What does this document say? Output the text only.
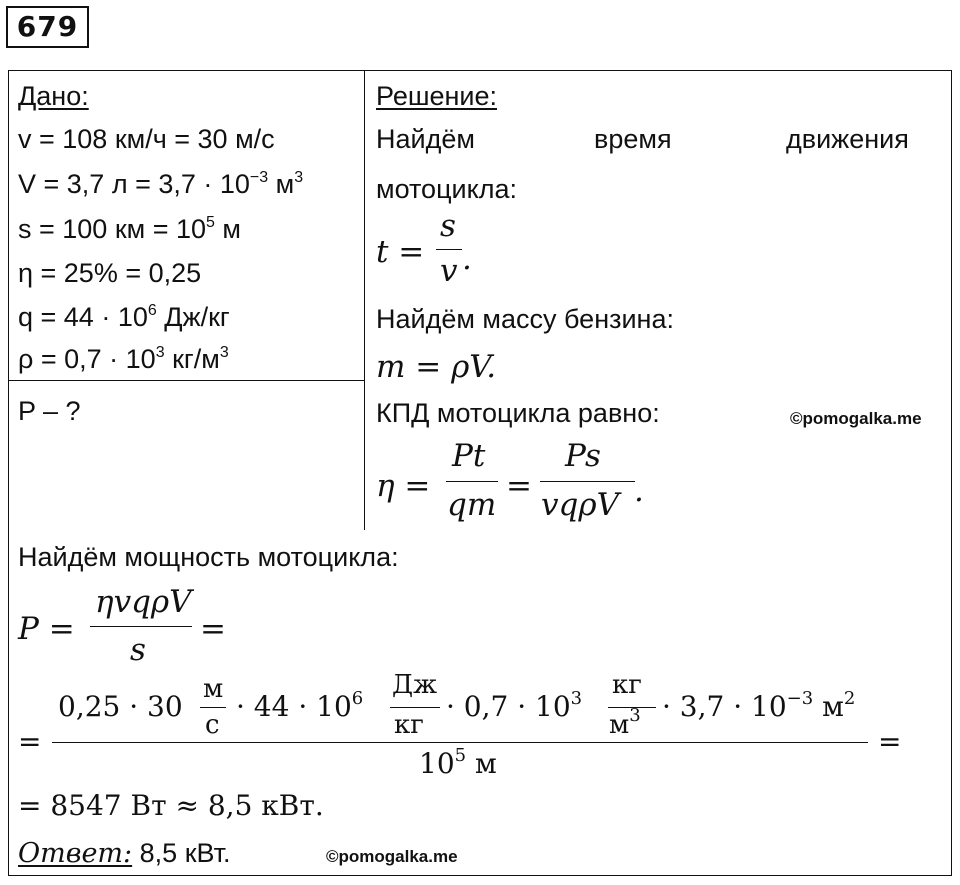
679
Дано:
v = 108 км/ч = 30 м/с
V = 3,7 $л = 3,7 \cdot 10^{-3}$ $м^3$
s = 100 км = $10^5$ м
η = 25% = 0,25
$q = 44 \cdot 10^6$ Дж/кг
$\rho = 0,7 \cdot 10^3$ $кг/м^3$
P – ?
Решение:
Найдём	время	движения
мотоцикла:
t =
s
v .
Найдём массу бензина:
m = ρV.
КПД мотоцикла равно:
η =
Pt
qm
=
Ps
vqρV .
Найдём мощность мотоцикла:
P =
ηvqρV
s
=
=
0,25 · 30
м
с
· $44 \cdot 10^6$ Дж
кг
· $0,7 \cdot 10^3$ кг
$м^3 \cdot 3,7 \cdot 10^{-3}$ $м^2$
$10^5$ м
=
= 8547 Вт ≈ 8,5 кВт.
Ответ: 8,5 кВт.
©pomogalka.me
©pomogalka.me
